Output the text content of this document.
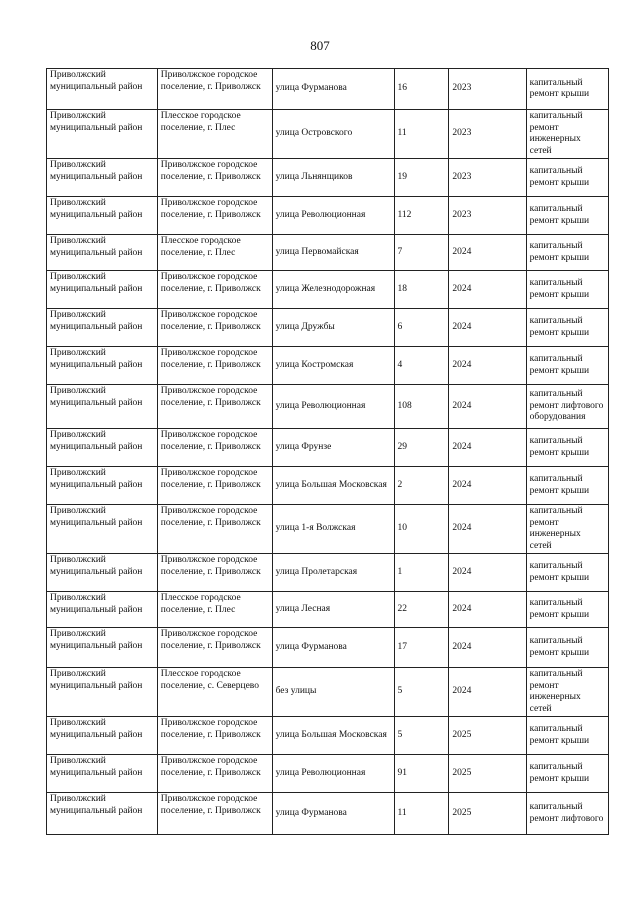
807
Приволжский муниципальный район	Приволжское городское поселение, г. Приволжск	улица Фурманова	16	2023	капитальный ремонт крыши
Приволжский муниципальный район	Плесское городское поселение, г. Плес	улица Островского	11	2023	капитальный ремонт инженерных сетей
Приволжский муниципальный район	Приволжское городское поселение, г. Приволжск	улица Льнянщиков	19	2023	капитальный ремонт крыши
Приволжский муниципальный район	Приволжское городское поселение, г. Приволжск	улица Революционная	112	2023	капитальный ремонт крыши
Приволжский муниципальный район	Плесское городское поселение, г. Плес	улица Первомайская	7	2024	капитальный ремонт крыши
Приволжский муниципальный район	Приволжское городское поселение, г. Приволжск	улица Железнодорожная	18	2024	капитальный ремонт крыши
Приволжский муниципальный район	Приволжское городское поселение, г. Приволжск	улица Дружбы	6	2024	капитальный ремонт крыши
Приволжский муниципальный район	Приволжское городское поселение, г. Приволжск	улица Костромская	4	2024	капитальный ремонт крыши
Приволжский муниципальный район	Приволжское городское поселение, г. Приволжск	улица Революционная	108	2024	капитальный ремонт лифтового оборудования
Приволжский муниципальный район	Приволжское городское поселение, г. Приволжск	улица Фрунзе	29	2024	капитальный ремонт крыши
Приволжский муниципальный район	Приволжское городское поселение, г. Приволжск	улица Большая Московская	2	2024	капитальный ремонт крыши
Приволжский муниципальный район	Приволжское городское поселение, г. Приволжск	улица 1-я Волжская	10	2024	капитальный ремонт инженерных сетей
Приволжский муниципальный район	Приволжское городское поселение, г. Приволжск	улица Пролетарская	1	2024	капитальный ремонт крыши
Приволжский муниципальный район	Плесское городское поселение, г. Плес	улица Лесная	22	2024	капитальный ремонт крыши
Приволжский муниципальный район	Приволжское городское поселение, г. Приволжск	улица Фурманова	17	2024	капитальный ремонт крыши
Приволжский муниципальный район	Плесское городское поселение, с. Северцево	без улицы	5	2024	капитальный ремонт инженерных сетей
Приволжский муниципальный район	Приволжское городское поселение, г. Приволжск	улица Большая Московская	5	2025	капитальный ремонт крыши
Приволжский муниципальный район	Приволжское городское поселение, г. Приволжск	улица Революционная	91	2025	капитальный ремонт крыши
Приволжский муниципальный район	Приволжское городское поселение, г. Приволжск	улица Фурманова	11	2025	капитальный ремонт лифтового
